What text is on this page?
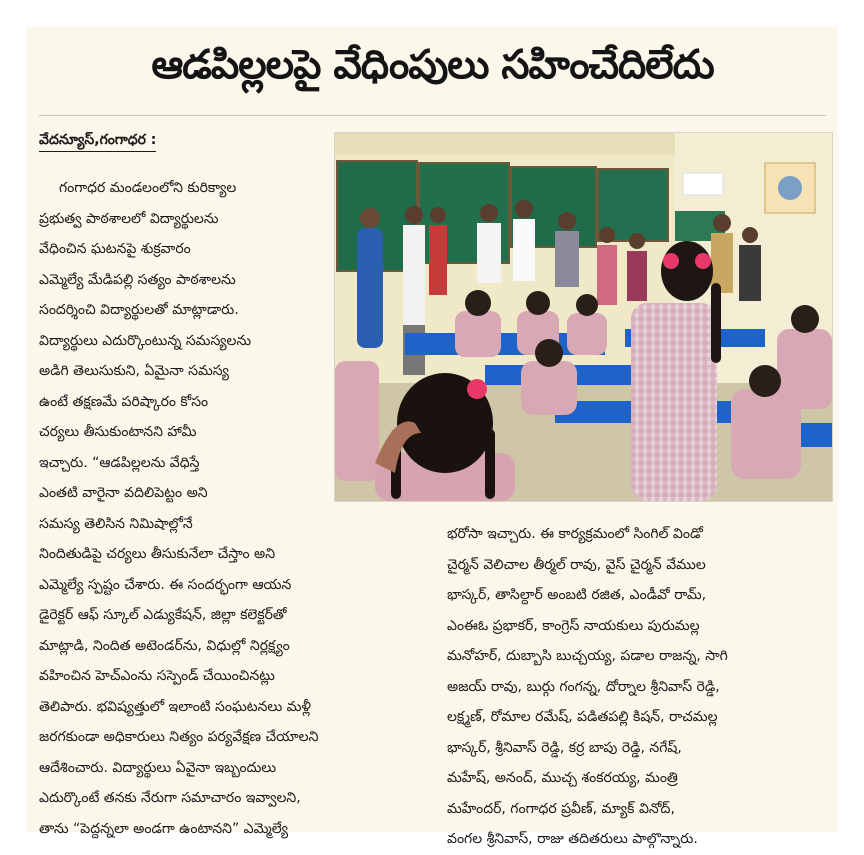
ఆడపిల్లలపై వేధింపులు సహించేదిలేదు
వేదన్యూస్,గంగాధర :
గంగాధర మండలంలోని కురిక్యాల
ప్రభుత్వ పాఠశాలలో విద్యార్థులను
వేధించిన ఘటనపై శుక్రవారం
ఎమ్మెల్యే మేడిపల్లి సత్యం పాఠశాలను
సందర్శించి విద్యార్థులతో మాట్లాడారు.
విద్యార్థులు ఎదుర్కొంటున్న సమస్యలను
అడిగి తెలుసుకుని, ఏమైనా సమస్య
ఉంటే తక్షణమే పరిష్కారం కోసం
చర్యలు తీసుకుంటానని హామీ
ఇచ్చారు. “ఆడపిల్లలను వేధిస్తే
ఎంతటి వారైనా వదిలిపెట్టం అని
సమస్య తెలిసిన నిమిషాల్లోనే
నిందితుడిపై చర్యలు తీసుకునేలా చేస్తాం అని
ఎమ్మెల్యే స్పష్టం చేశారు. ఈ సందర్భంగా ఆయన
డైరెక్టర్ ఆఫ్ స్కూల్ ఎడ్యుకేషన్, జిల్లా కలెక్టర్‌తో
మాట్లాడి, నిందిత అటెండర్‌ను, విధుల్లో నిర్లక్ష్యం
వహించిన హెచ్ఎంను సస్పెండ్ చేయించినట్లు
తెలిపారు. భవిష్యత్తులో ఇలాంటి సంఘటనలు మళ్లీ
జరగకుండా అధికారులు నిత్యం పర్యవేక్షణ చేయాలని
ఆదేశించారు. విద్యార్థులు ఏవైనా ఇబ్బందులు
ఎదుర్కొంటే తనకు నేరుగా సమాచారం ఇవ్వాలని,
తాను “పెద్దన్నలా అండగా ఉంటానని” ఎమ్మెల్యే
భరోసా ఇచ్చారు. ఈ కార్యక్రమంలో సింగిల్ విండో
చైర్మన్ వెలిచాల తీర్మల్ రావు, వైస్ చైర్మన్ వేముల
భాస్కర్, తాసిల్దార్ అంబటి రజిత, ఎండీవో రామ్,
ఎంఈఓ ప్రభాకర్, కాంగ్రెస్ నాయకులు పురుమల్ల
మనోహర్, దుబ్బాసి బుచ్చయ్య, పడాల రాజన్న, సాగి
అజయ్ రావు, బుర్గు గంగన్న, దోర్నాల శ్రీనివాస్ రెడ్డి,
లక్ష్మణ్, రోమాల రమేష్, పడితపల్లి కిషన్, రాచమల్ల
భాస్కర్, శ్రీనివాస్ రెడ్డి, కర్ర బాపు రెడ్డి, నగేష్,
మహేష్, అనంద్, ముచ్చ శంకరయ్య, మంత్రి
మహేందర్, గంగాధర ప్రవీణ్, మ్యాక్ వినోద్,
వంగల శ్రీనివాస్, రాజు తదితరులు పాల్గొన్నారు.
